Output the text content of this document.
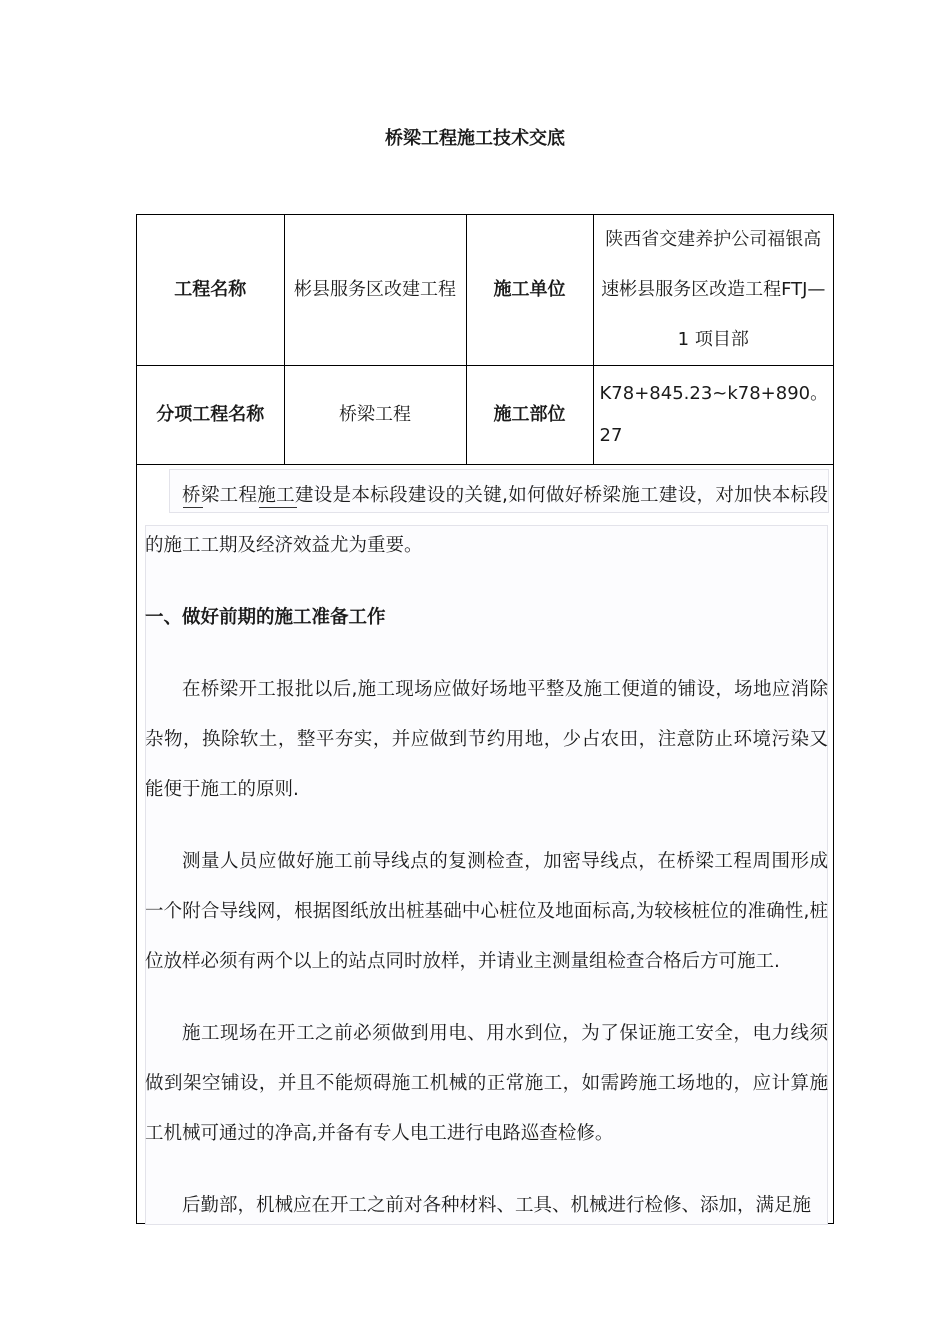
桥梁工程施工技术交底
工程名称	彬县服务区改建工程	施工单位	陕西省交建养护公司福银高速彬县服务区改造工程FTJ—1 项目部
分项工程名称	桥梁工程	施工部位	K78+845.23~k78+890。27

桥梁工程施工建设是本标段建设的关键,如何做好桥梁施工建设，对加快本标段的施工工期及经济效益尤为重要。

一、做好前期的施工准备工作

在桥梁开工报批以后,施工现场应做好场地平整及施工便道的铺设，场地应消除杂物，换除软土，整平夯实，并应做到节约用地，少占农田，注意防止环境污染又能便于施工的原则.

测量人员应做好施工前导线点的复测检查，加密导线点，在桥梁工程周围形成一个附合导线网，根据图纸放出桩基础中心桩位及地面标高,为较核桩位的准确性,桩位放样必须有两个以上的站点同时放样，并请业主测量组检查合格后方可施工.

施工现场在开工之前必须做到用电、用水到位，为了保证施工安全，电力线须做到架空铺设，并且不能烦碍施工机械的正常施工，如需跨施工场地的，应计算施工机械可通过的净高,并备有专人电工进行电路巡查检修。

后勤部，机械应在开工之前对各种材料、工具、机械进行检修、添加，满足施
